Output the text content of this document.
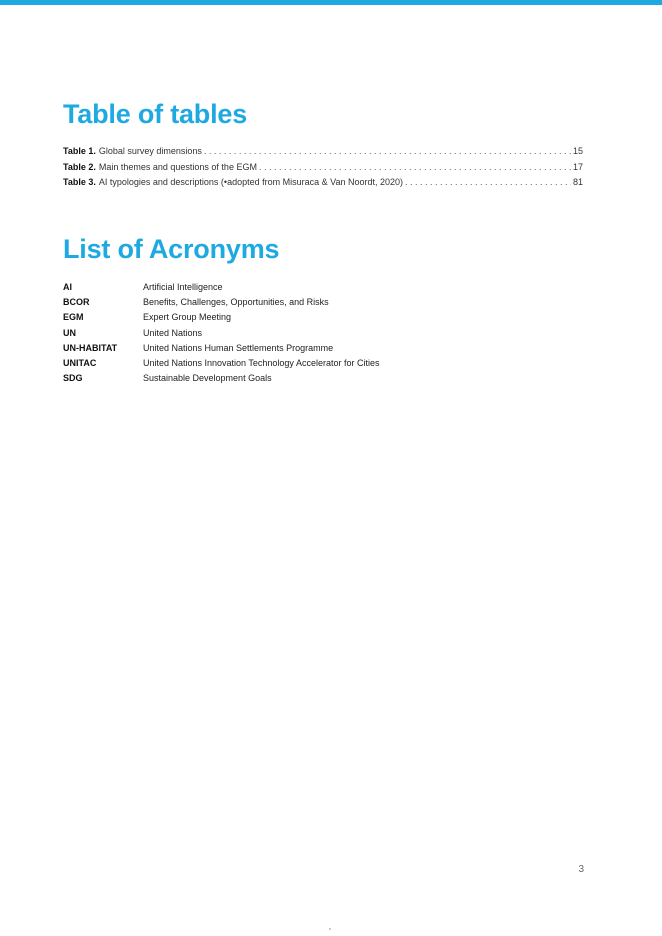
Table of tables
Table 1. Global survey dimensions . . .	15
Table 2. Main themes and questions of the EGM . . .	17
Table 3. AI typologies and descriptions (•adopted from Misuraca & Van Noordt, 2020) . . .	81
List of Acronyms
AI	Artificial Intelligence
BCOR	Benefits, Challenges, Opportunities, and Risks
EGM	Expert Group Meeting
UN	United Nations
UN-HABITAT	United Nations Human Settlements Programme
UNITAC	United Nations Innovation Technology Accelerator for Cities
SDG	Sustainable Development Goals
3
